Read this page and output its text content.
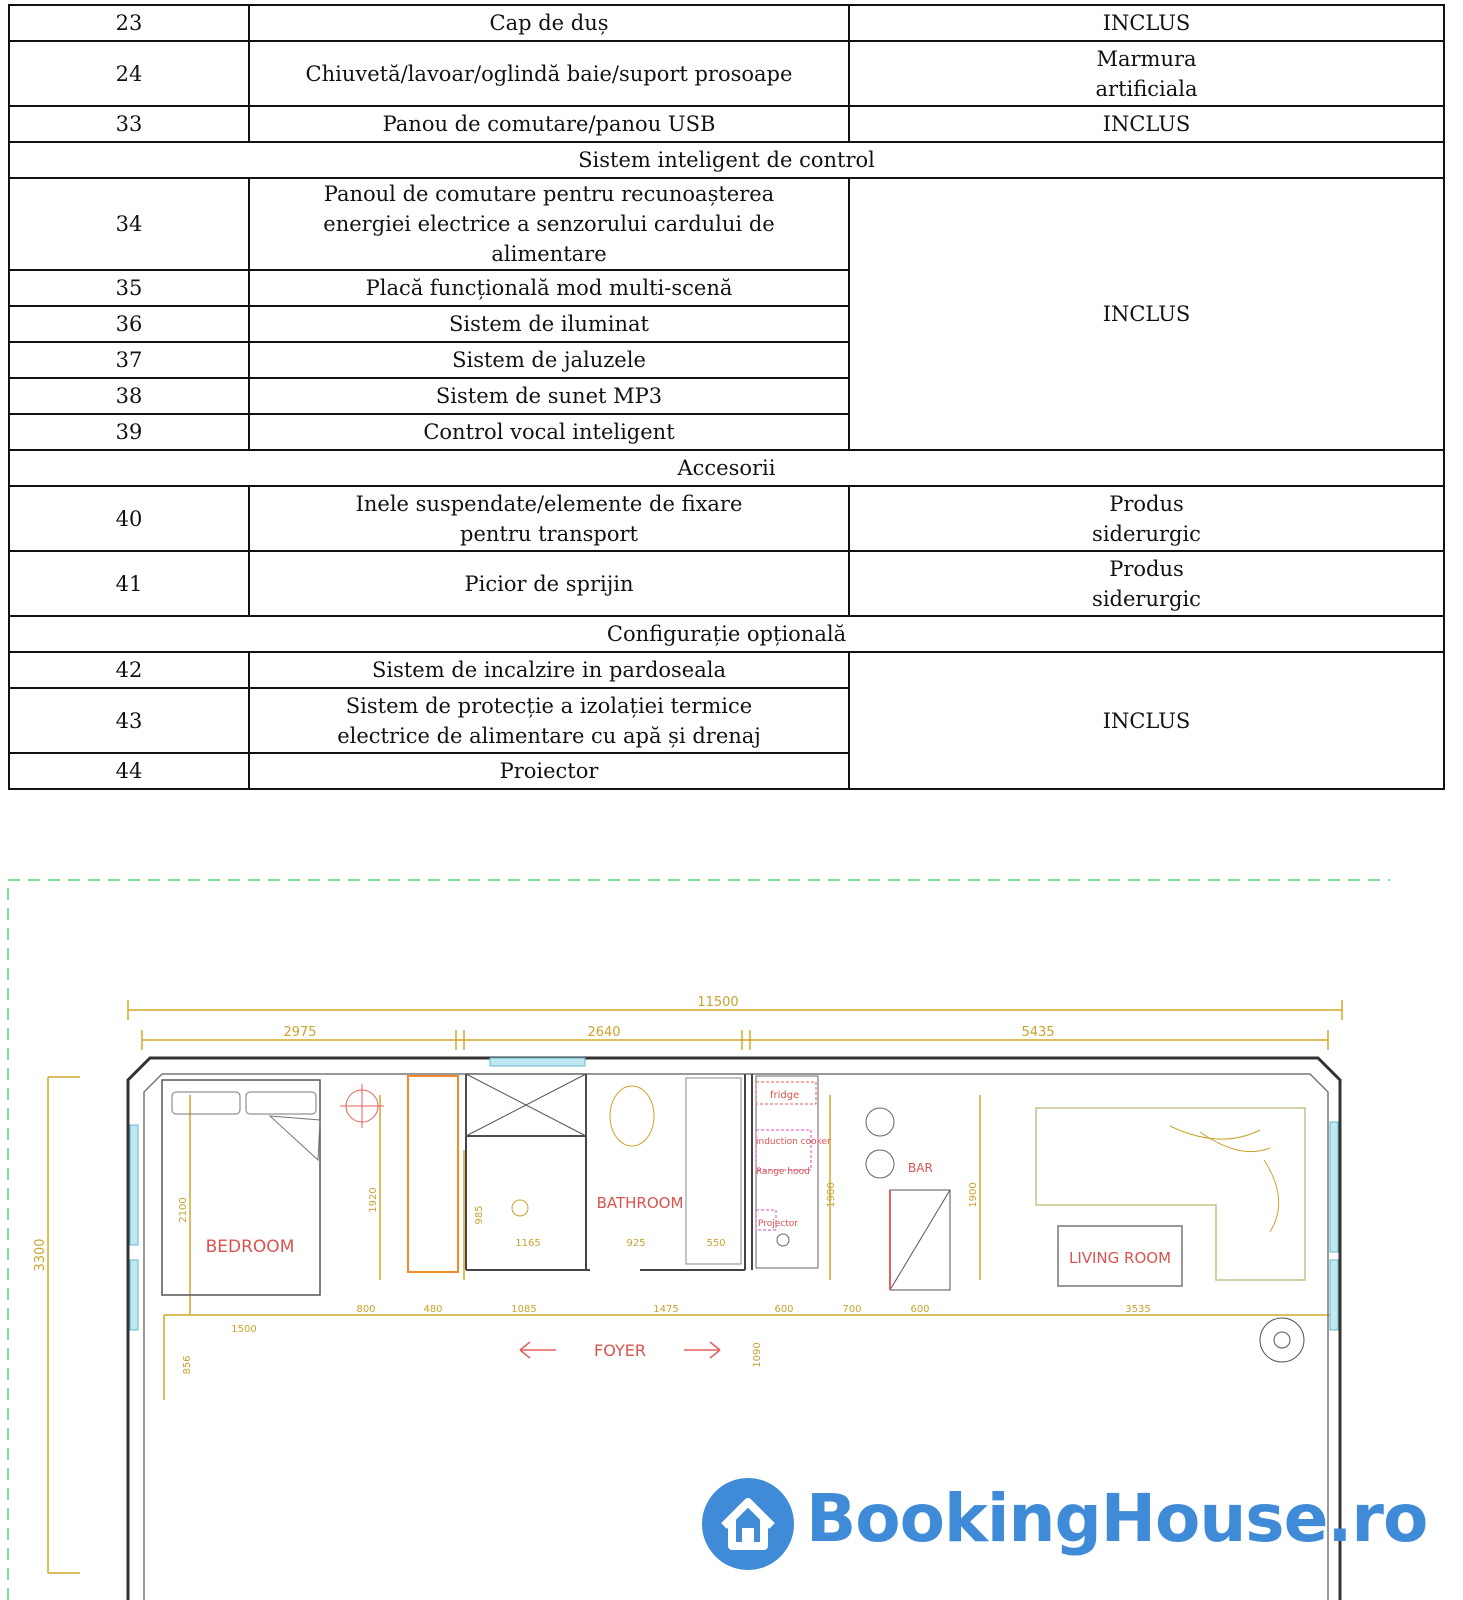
23	Cap de duș	INCLUS
24	Chiuvetă/lavoar/oglindă baie/suport prosoape	Marmura
artificiala
33	Panou de comutare/panou USB	INCLUS
Sistem inteligent de control		
34	Panoul de comutare pentru recunoașterea energiei electrice a senzorului cardului de alimentare	INCLUS
35	Placă funcțională mod multi-scenă	
36	Sistem de iluminat	
37	Sistem de jaluzele	
38	Sistem de sunet MP3	
39	Control vocal inteligent	
Accesorii		
40	Inele suspendate/elemente de fixare pentru transport	Produs
siderurgic
41	Picior de sprijin	Produs
siderurgic
Configurație opțională		
42	Sistem de incalzire in pardoseala	INCLUS
43	Sistem de protecție a izolației termice electrice de alimentare cu apă și drenaj	
44	Proiector	
11500
2975	2640	5435
3300
2100
1500
1920
985
1165	925	550
1900	1900
800	480	1085	1475	600	700	600	3535
856	1090
BEDROOM
BATHROOM
fridge
induction cooker
Range hood
Projector
BAR
LIVING ROOM
FOYER
BookingHouse.ro
